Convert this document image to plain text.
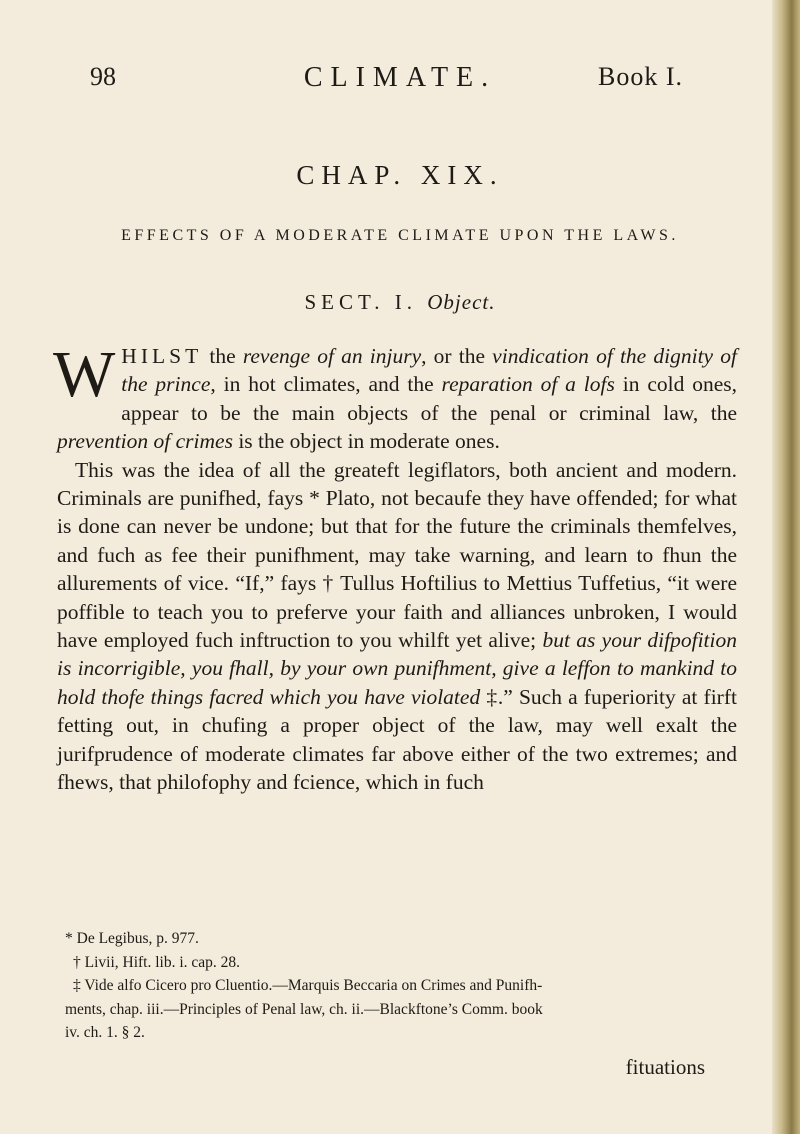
98	CLIMATE.	Book I.
CHAP. XIX.
EFFECTS OF A MODERATE CLIMATE UPON THE LAWS.
SECT. I. Object.

WHILST the revenge of an injury, or the vindication of the dignity of the prince, in hot climates, and the reparation of a lofs in cold ones, appear to be the main objects of the penal or criminal law, the prevention of crimes is the object in moderate ones.

This was the idea of all the greateft legiflators, both ancient and modern. Criminals are punifhed, fays * Plato, not becaufe they have offended; for what is done can never be undone; but that for the future the criminals themfelves, and fuch as fee their punifhment, may take warning, and learn to fhun the allurements of vice. “If,” fays † Tullus Hoftilius to Mettius Tuffetius, “it were poffible to teach you to preferve your faith and alliances unbroken, I would have employed fuch inftruction to you whilft yet alive; but as your difpofition is incorrigible, you fhall, by your own punifhment, give a leffon to mankind to hold thofe things facred which you have violated ‡.” Such a fuperiority at firft fetting out, in chufing a proper object of the law, may well exalt the jurifprudence of moderate climates far above either of the two extremes; and fhews, that philofophy and fcience, which in fuch

* De Legibus, p. 977.
† Livii, Hift. lib. i. cap. 28.
‡ Vide alfo Cicero pro Cluentio.—Marquis Beccaria on Crimes and Punifh-
ments, chap. iii.—Principles of Penal law, ch. ii.—Blackftone’s Comm. book
iv. ch. 1. § 2.
fituations
